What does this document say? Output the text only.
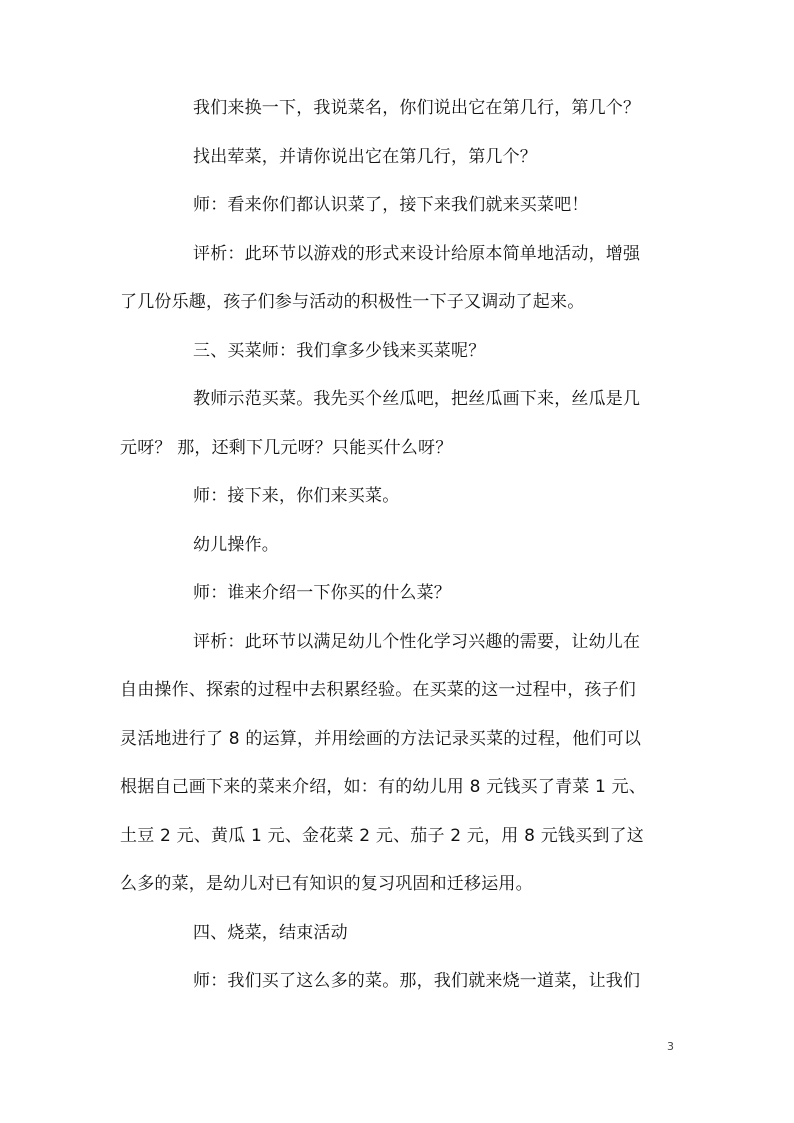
我们来换一下，我说菜名，你们说出它在第几行，第几个？
找出荤菜，并请你说出它在第几行，第几个？
师：看来你们都认识菜了，接下来我们就来买菜吧！
评析：此环节以游戏的形式来设计给原本简单地活动，增强
了几份乐趣，孩子们参与活动的积极性一下子又调动了起来。
三、买菜师：我们拿多少钱来买菜呢？
教师示范买菜。我先买个丝瓜吧，把丝瓜画下来，丝瓜是几
元呀？ 那，还剩下几元呀？只能买什么呀？
师：接下来，你们来买菜。
幼儿操作。
师：谁来介绍一下你买的什么菜？
评析：此环节以满足幼儿个性化学习兴趣的需要，让幼儿在
自由操作、探索的过程中去积累经验。在买菜的这一过程中，孩子们
灵活地进行了 8 的运算，并用绘画的方法记录买菜的过程，他们可以
根据自己画下来的菜来介绍，如：有的幼儿用 8 元钱买了青菜 1 元、
土豆 2 元、黄瓜 1 元、金花菜 2 元、茄子 2 元，用 8 元钱买到了这
么多的菜，是幼儿对已有知识的复习巩固和迁移运用。
四、烧菜，结束活动
师：我们买了这么多的菜。那，我们就来烧一道菜，让我们
3
